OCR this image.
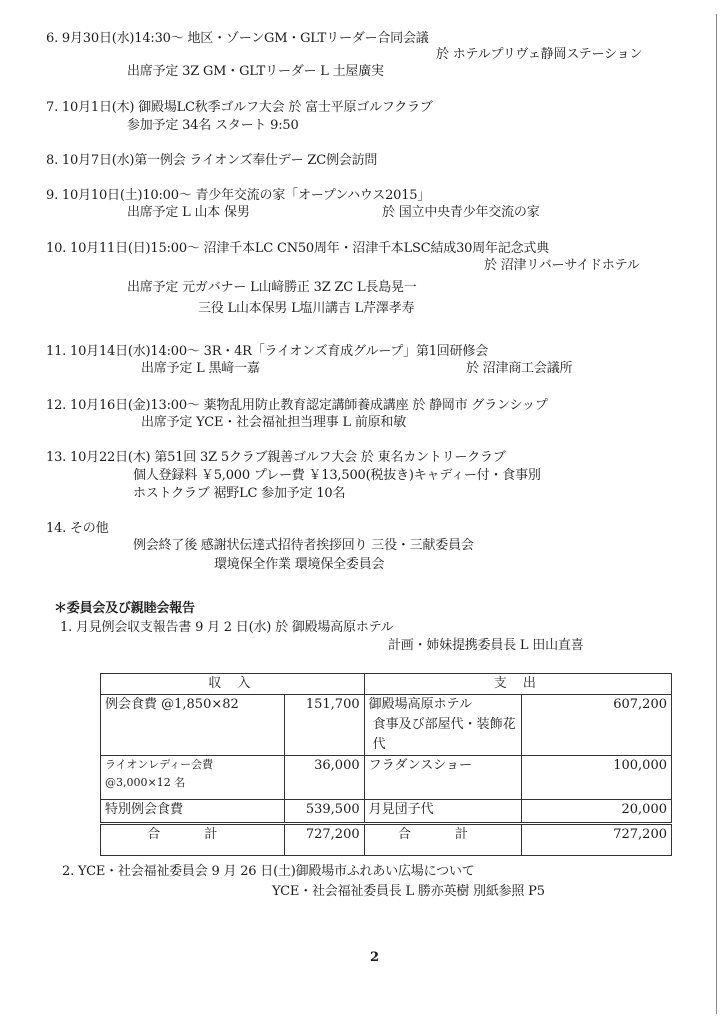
6. 9月30日(水)14:30～ 地区・ゾーンGM・GLTリーダー合同会議
於 ホテルプリヴェ静岡ステーション
出席予定 3Z GM・GLTリーダー L 土屋廣実
7. 10月1日(木) 御殿場LC秋季ゴルフ大会 於 富士平原ゴルフクラブ
参加予定 34名 スタート 9:50
8. 10月7日(水)第一例会 ライオンズ奉仕デー ZC例会訪問
9. 10月10日(土)10:00～ 青少年交流の家「オープンハウス2015」
出席予定 L 山本 保男	於 国立中央青少年交流の家
10. 10月11日(日)15:00～ 沼津千本LC CN50周年・沼津千本LSC結成30周年記念式典
於 沼津リバーサイドホテル
出席予定 元ガバナー L山﨑勝正 3Z ZC L長島晃一
三役 L山本保男 L塩川講吉 L芹澤孝寿
11. 10月14日(水)14:00～ 3R・4R「ライオンズ育成グループ」第1回研修会
出席予定 L 黒﨑一嘉	於 沼津商工会議所
12. 10月16日(金)13:00～ 薬物乱用防止教育認定講師養成講座 於 静岡市 グランシップ
出席予定 YCE・社会福祉担当理事 L 前原和敏
13. 10月22日(木) 第51回 3Z 5クラブ親善ゴルフ大会 於 東名カントリークラブ
個人登録料 ￥5,000 プレー費 ￥13,500(税抜き)キャディー付・食事別
ホストクラブ 裾野LC 参加予定 10名
14. その他
例会終了後 感謝状伝達式招待者挨拶回り 三役・三献委員会
環境保全作業 環境保全委員会
＊委員会及び親睦会報告
1. 月見例会収支報告書 9 月 2 日(水) 於 御殿場高原ホテル
計画・姉妹提携委員長 L 田山直喜
収 入		支 出	
例会食費 @1,850×82	151,700	御殿場高原ホテル
食事及び部屋代・装飾花代	607,200

ライオンレディー会費
@3,000×12 名	36,000	フラダンスショー	100,000
特別例会食費	539,500	月見団子代	20,000
合 計	727,200	合 計	727,200
2. YCE・社会福祉委員会 9 月 26 日(土)御殿場市ふれあい広場について
YCE・社会福祉委員長 L 勝亦英樹 別紙参照 P5
2
